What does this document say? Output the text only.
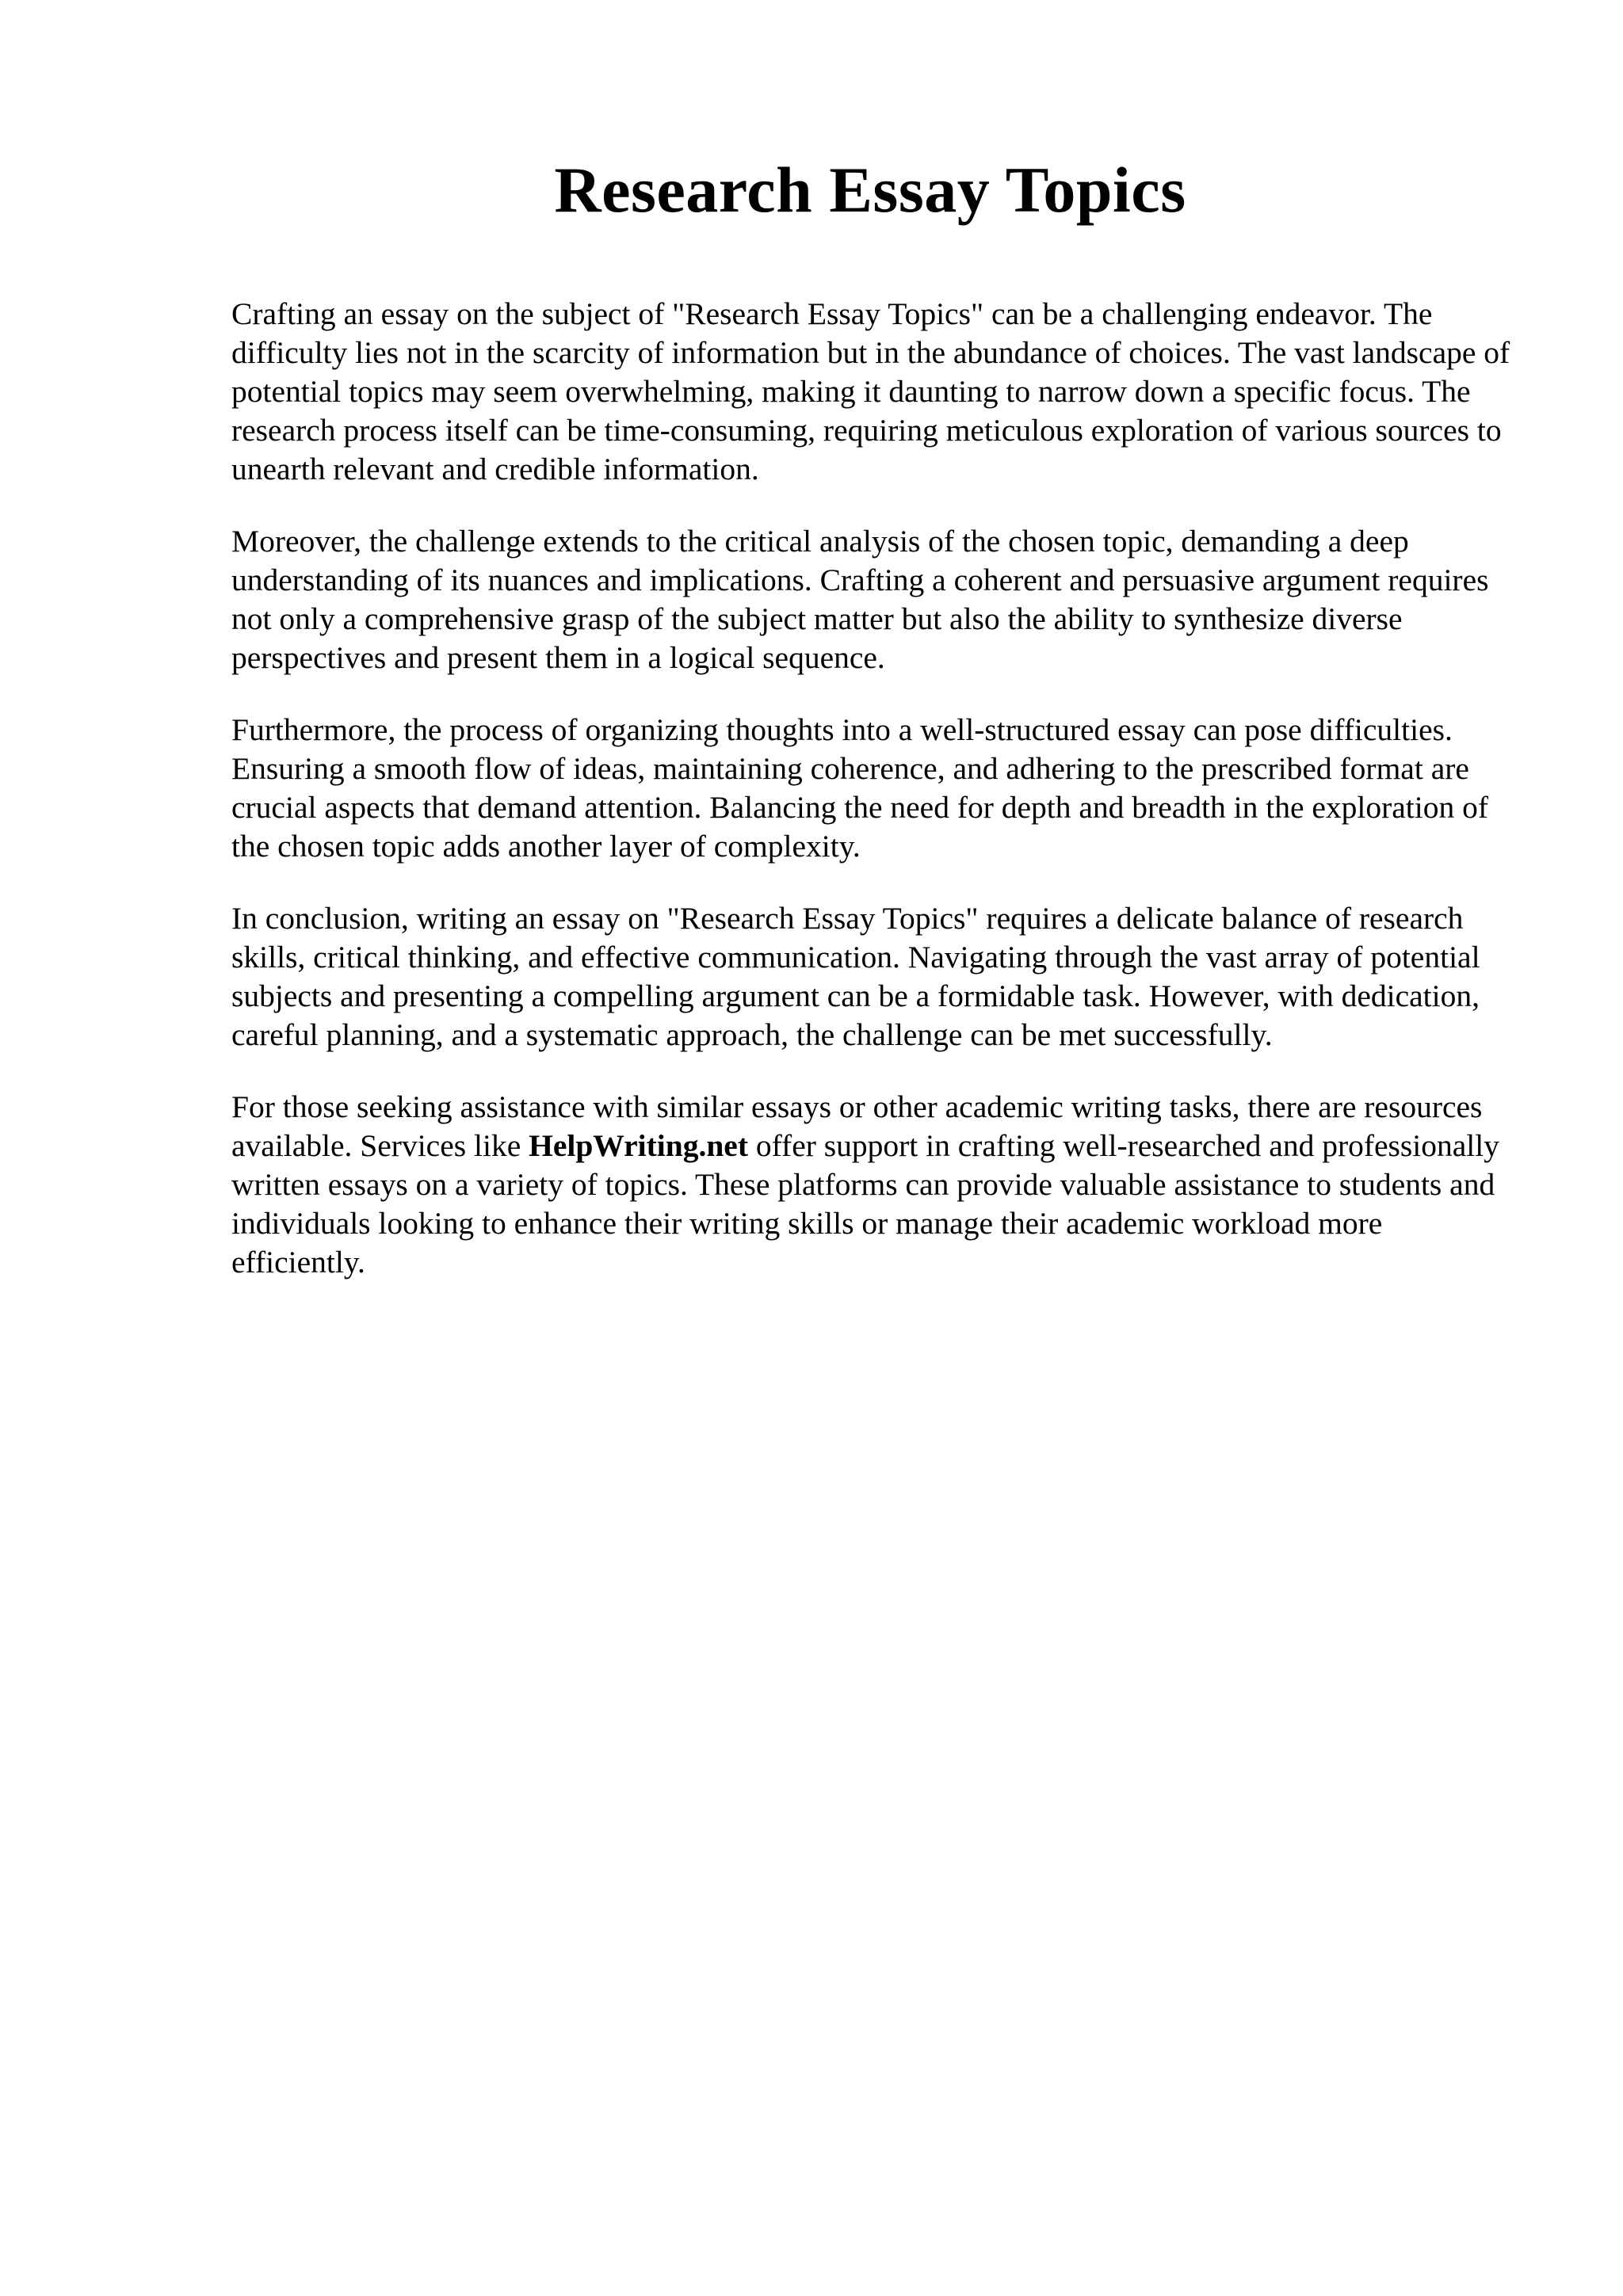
Research Essay Topics

Crafting an essay on the subject of "Research Essay Topics" can be a challenging endeavor. The difficulty lies not in the scarcity of information but in the abundance of choices. The vast landscape of potential topics may seem overwhelming, making it daunting to narrow down a specific focus. The research process itself can be time-consuming, requiring meticulous exploration of various sources to unearth relevant and credible information.

Moreover, the challenge extends to the critical analysis of the chosen topic, demanding a deep understanding of its nuances and implications. Crafting a coherent and persuasive argument requires not only a comprehensive grasp of the subject matter but also the ability to synthesize diverse perspectives and present them in a logical sequence.

Furthermore, the process of organizing thoughts into a well-structured essay can pose difficulties. Ensuring a smooth flow of ideas, maintaining coherence, and adhering to the prescribed format are crucial aspects that demand attention. Balancing the need for depth and breadth in the exploration of the chosen topic adds another layer of complexity.

In conclusion, writing an essay on "Research Essay Topics" requires a delicate balance of research skills, critical thinking, and effective communication. Navigating through the vast array of potential subjects and presenting a compelling argument can be a formidable task. However, with dedication, careful planning, and a systematic approach, the challenge can be met successfully.

For those seeking assistance with similar essays or other academic writing tasks, there are resources available. Services like HelpWriting.net offer support in crafting well-researched and professionally written essays on a variety of topics. These platforms can provide valuable assistance to students and individuals looking to enhance their writing skills or manage their academic workload more efficiently.
